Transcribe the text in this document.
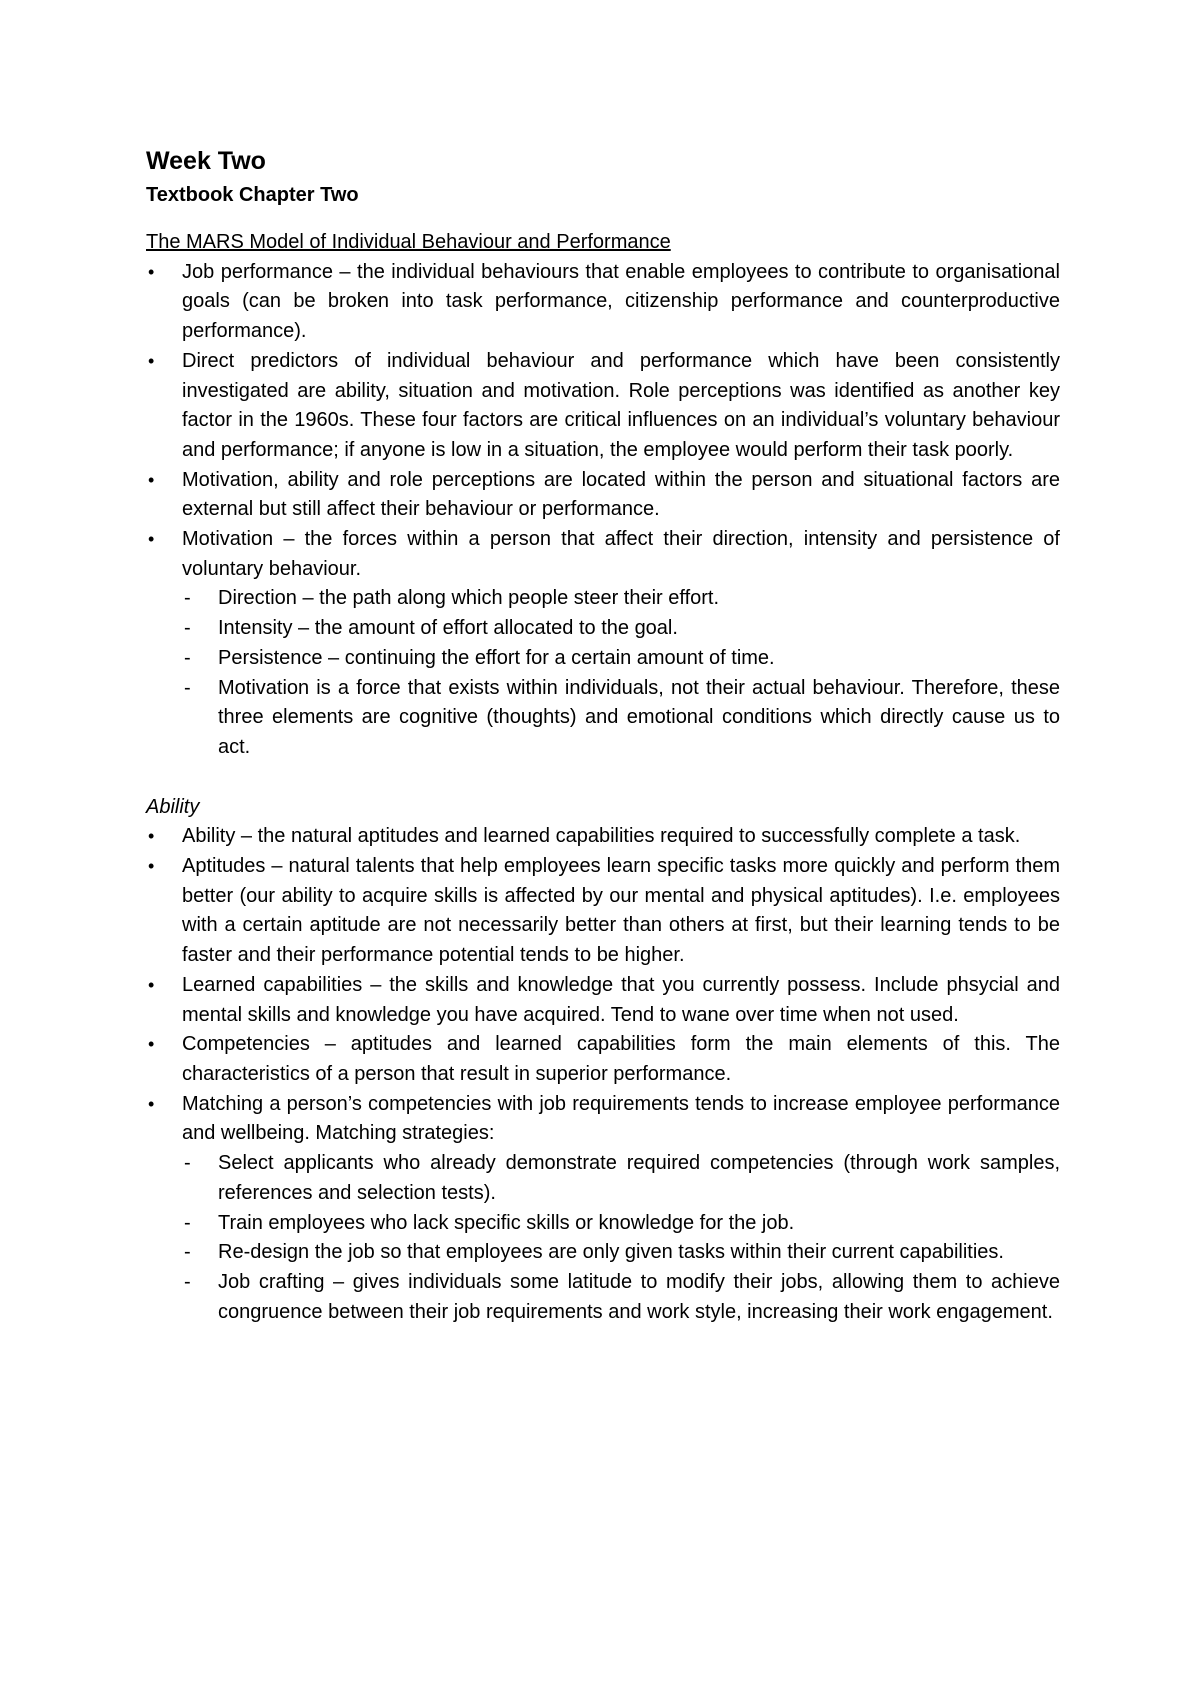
Week Two
Textbook Chapter Two
The MARS Model of Individual Behaviour and Performance
•	Job performance – the individual behaviours that enable employees to contribute to organisational goals (can be broken into task performance, citizenship performance and counterproductive performance).
•	Direct predictors of individual behaviour and performance which have been consistently investigated are ability, situation and motivation. Role perceptions was identified as another key factor in the 1960s. These four factors are critical influences on an individual’s voluntary behaviour and performance; if anyone is low in a situation, the employee would perform their task poorly.
•	Motivation, ability and role perceptions are located within the person and situational factors are external but still affect their behaviour or performance.
•	Motivation – the forces within a person that affect their direction, intensity and persistence of voluntary behaviour.
- Direction – the path along which people steer their effort.
- Intensity – the amount of effort allocated to the goal.
- Persistence – continuing the effort for a certain amount of time.
- Motivation is a force that exists within individuals, not their actual behaviour. Therefore, these three elements are cognitive (thoughts) and emotional conditions which directly cause us to act.
Ability
•	Ability – the natural aptitudes and learned capabilities required to successfully complete a task.
•	Aptitudes – natural talents that help employees learn specific tasks more quickly and perform them better (our ability to acquire skills is affected by our mental and physical aptitudes). I.e. employees with a certain aptitude are not necessarily better than others at first, but their learning tends to be faster and their performance potential tends to be higher.
•	Learned capabilities – the skills and knowledge that you currently possess. Include phsycial and mental skills and knowledge you have acquired. Tend to wane over time when not used.
•	Competencies – aptitudes and learned capabilities form the main elements of this. The characteristics of a person that result in superior performance.
•	Matching a person’s competencies with job requirements tends to increase employee performance and wellbeing. Matching strategies:
- Select applicants who already demonstrate required competencies (through work samples, references and selection tests).
- Train employees who lack specific skills or knowledge for the job.
- Re-design the job so that employees are only given tasks within their current capabilities.
- Job crafting – gives individuals some latitude to modify their jobs, allowing them to achieve congruence between their job requirements and work style, increasing their work engagement.
